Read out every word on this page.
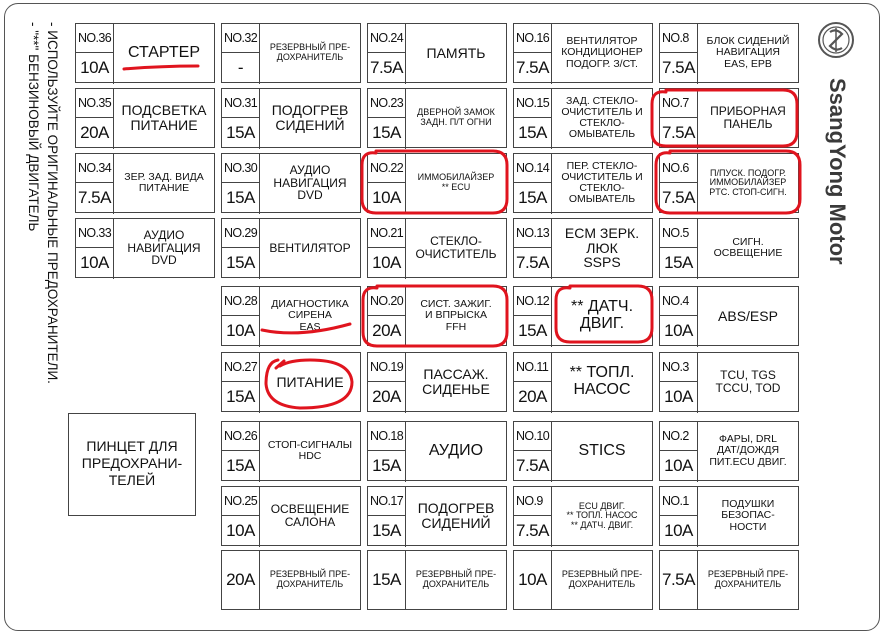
- ИСПОЛЬЗУЙТЕ ОРИГИНАЛЬНЫЕ ПРЕДОХРАНИТЕЛИ.
- "**" БЕНЗИНОВЫЙ ДВИГАТЕЛЬ	SsangYong Motor
ПИНЦЕТ ДЛЯ ПРЕДОХРАНИ-ТЕЛЕЙ
NO.36
10A
СТАРТЕР
NO.35
20A
ПОДСВЕТКА
ПИТАНИЕ
NO.34
7.5A
ЗЕР. ЗАД. ВИДА
ПИТАНИЕ
NO.33
10A
АУДИО
НАВИГАЦИЯ
DVD
NO.32
-
РЕЗЕРВНЫЙ ПРЕ-
ДОХРАНИТЕЛЬ
NO.31
15A
ПОДОГРЕВ
СИДЕНИЙ
NO.30
15A
АУДИО
НАВИГАЦИЯ
DVD
NO.29
15A
ВЕНТИЛЯТОР
NO.28
10A
ДИАГНОСТИКА
СИРЕНА
EAS
NO.27
15A
ПИТАНИЕ
NO.26
15A
СТОП-СИГНАЛЫ
HDC
NO.25
10A
ОСВЕЩЕНИЕ
САЛОНА
NO.24
7.5A
ПАМЯТЬ
NO.23
15A
ДВЕРНОЙ ЗАМОК
ЗАДН. П/Т ОГНИ
NO.22
10A
ИММОБИЛАЙЗЕР
** ECU
NO.21
10A
СТЕКЛО-
ОЧИСТИТЕЛЬ
NO.20
20A
СИСТ. ЗАЖИГ.
И ВПРЫСКА
FFH
NO.19
20A
ПАССАЖ.
СИДЕНЬЕ
NO.18
15A
АУДИО
NO.17
15A
ПОДОГРЕВ
СИДЕНИЙ
NO.16
7.5A
ВЕНТИЛЯТОР
КОНДИЦИОНЕР
ПОДОГР. З/СТ.
NO.15
15A
ЗАД. СТЕКЛО-
ОЧИСТИТЕЛЬ И
СТЕКЛО-
ОМЫВАТЕЛЬ
NO.14
15A
ПЕР. СТЕКЛО-
ОЧИСТИТЕЛЬ И
СТЕКЛО-
ОМЫВАТЕЛЬ
NO.13
7.5A
ECM ЗЕРК.
ЛЮК
SSPS
NO.12
15A
** ДАТЧ.
ДВИГ.
NO.11
20A
** ТОПЛ.
НАСОС
NO.10
7.5A
STICS
NO.9
7.5A
ECU ДВИГ.
** ТОПЛ. НАСОС
** ДАТЧ. ДВИГ.
NO.8
7.5A
БЛОК СИДЕНИЙ
НАВИГАЦИЯ
EAS, EPB
NO.7
7.5A
ПРИБОРНАЯ
ПАНЕЛЬ
NO.6
7.5A
П/ПУСК. ПОДОГР.
ИММОБИЛАЙЗЕР
PTC. СТОП-СИГН.
NO.5
15A
СИГН.
ОСВЕЩЕНИЕ
NO.4
10A
ABS/ESP
NO.3
10A
TCU, TGS
TCCU, TOD
NO.2
10A
ФАРЫ, DRL
ДАТ/ДОЖДЯ
ПИТ.ECU ДВИГ.
NO.1
10A
ПОДУШКИ
БЕЗОПАС-
НОСТИ
20A	РЕЗЕРВНЫЙ ПРЕ-
ДОХРАНИТЕЛЬ 15A	РЕЗЕРВНЫЙ ПРЕ-
ДОХРАНИТЕЛЬ 10A	РЕЗЕРВНЫЙ ПРЕ-
ДОХРАНИТЕЛЬ 7.5A	РЕЗЕРВНЫЙ ПРЕ-
ДОХРАНИТЕЛЬ
